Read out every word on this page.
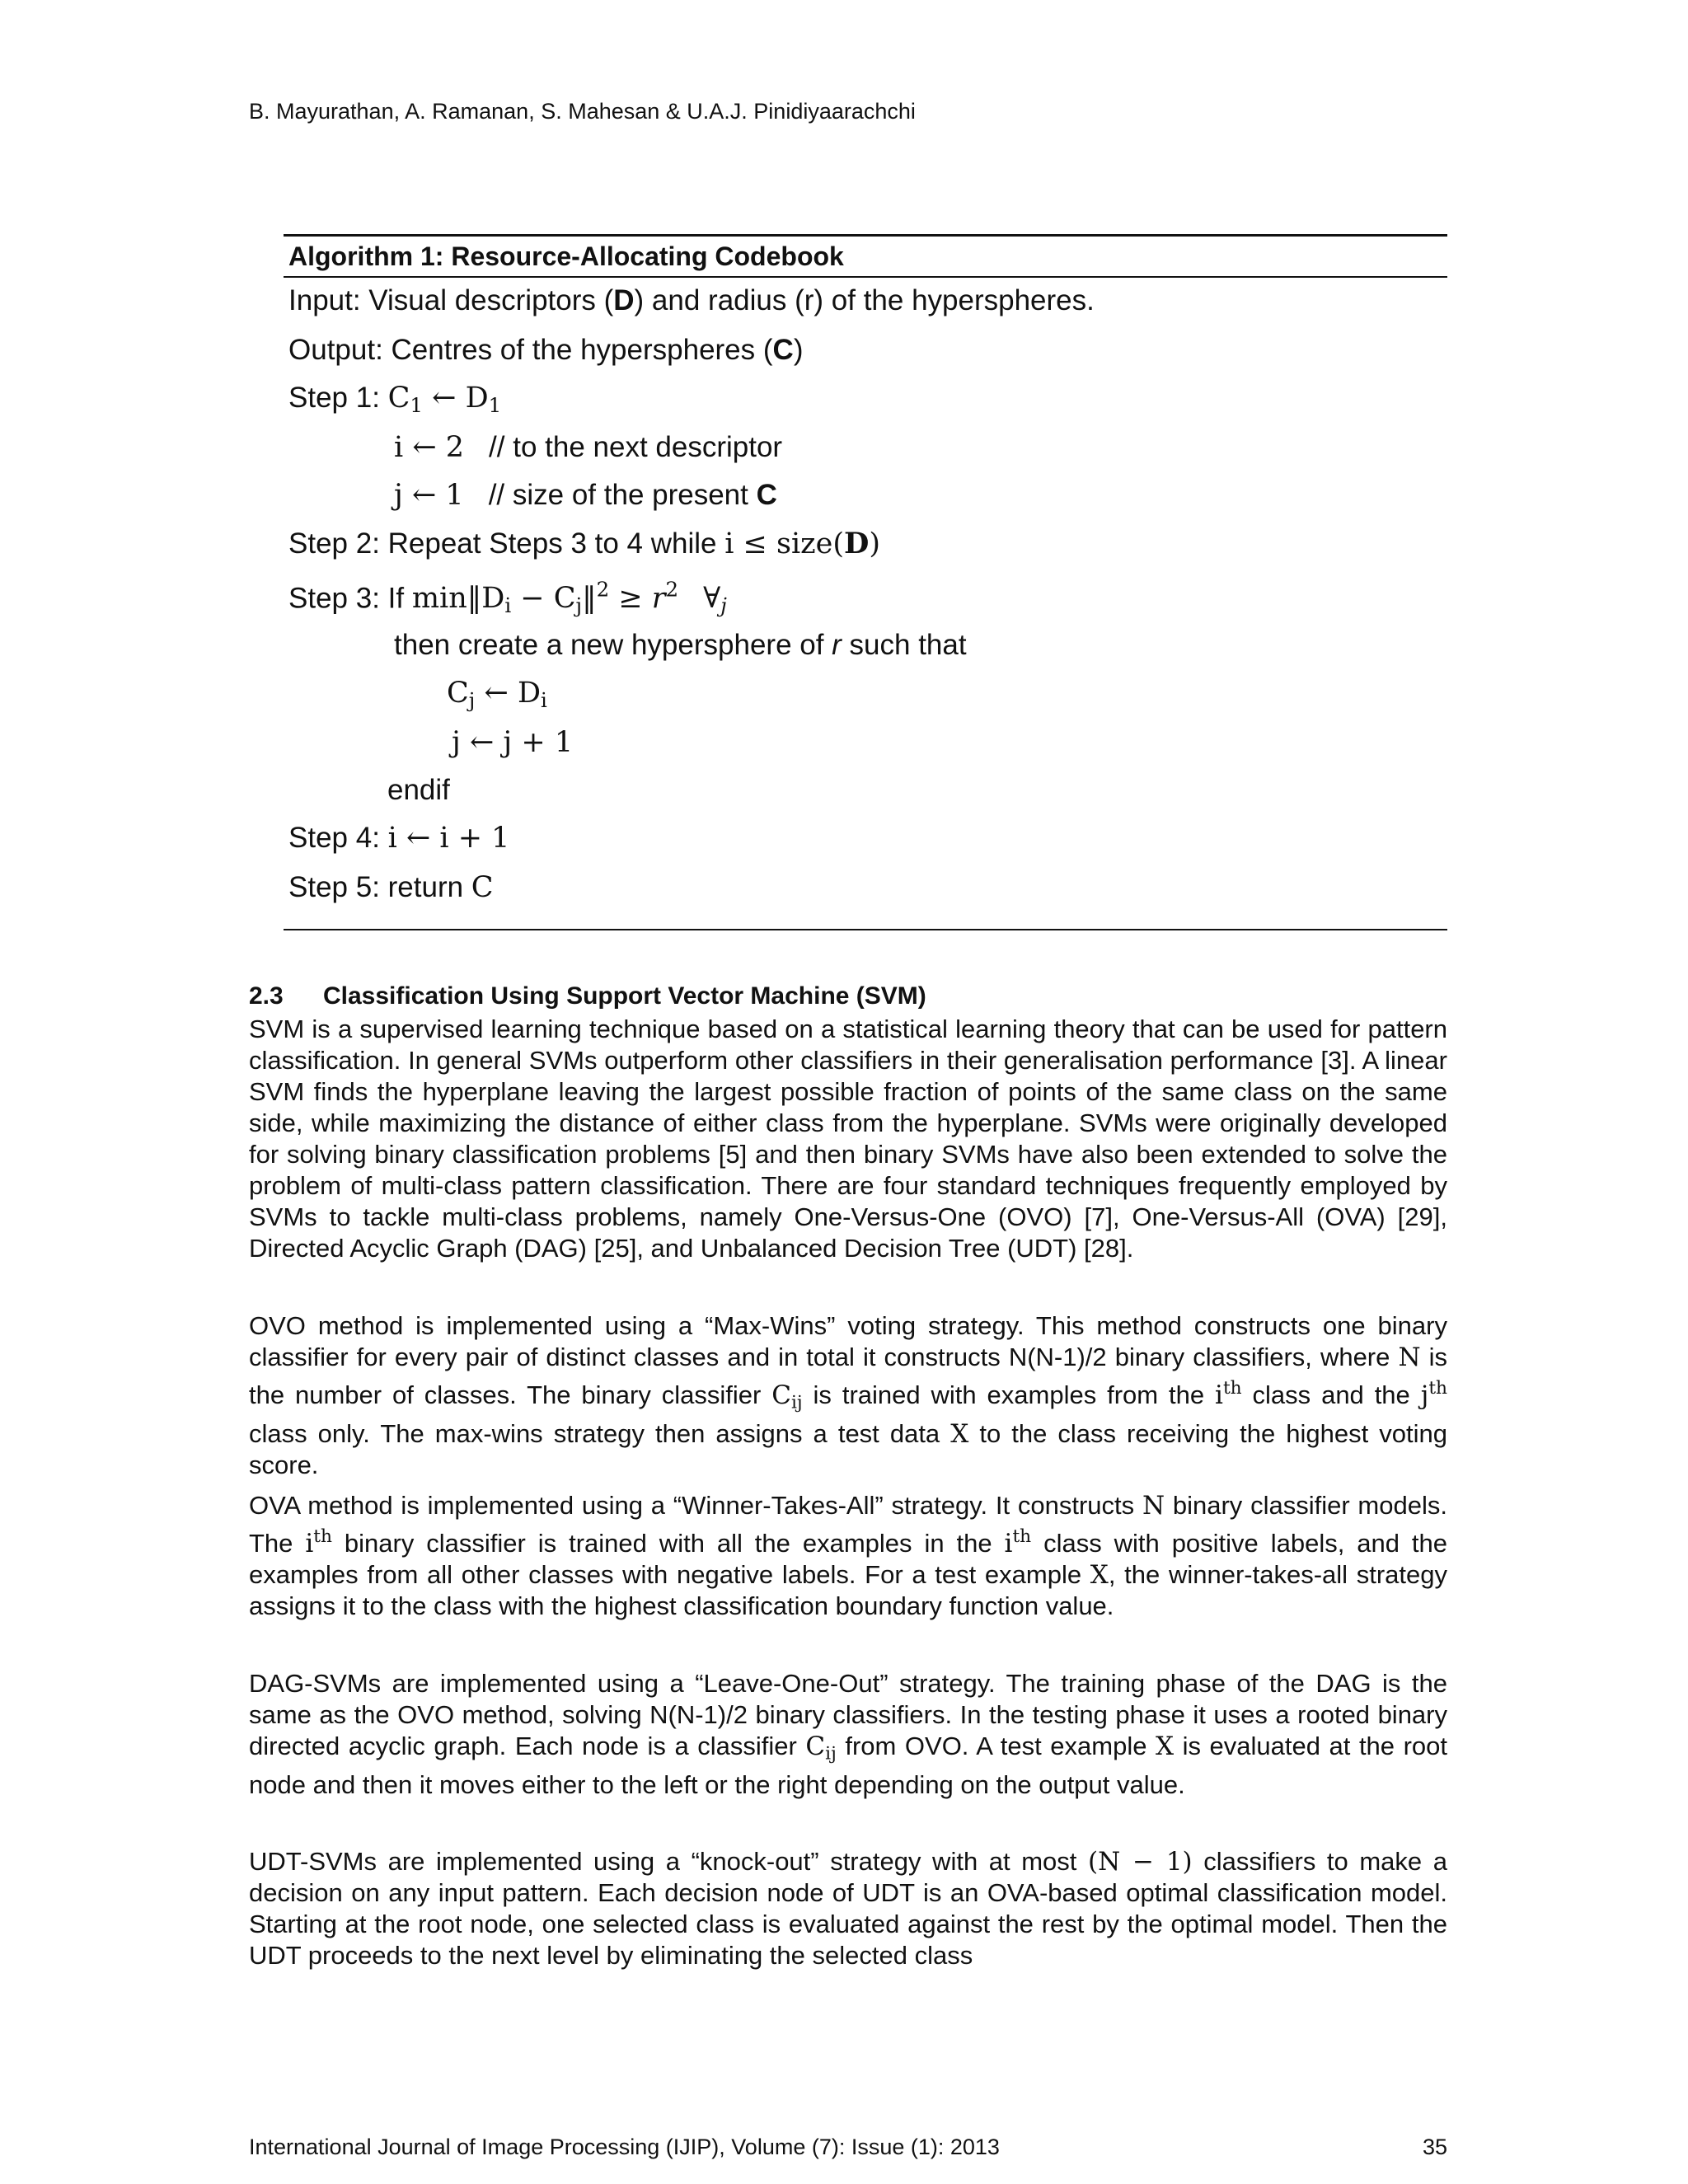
B. Mayurathan, A. Ramanan, S. Mahesan & U.A.J. Pinidiyaarachchi
Algorithm 1: Resource-Allocating Codebook
Input: Visual descriptors (D) and radius (r) of the hyperspheres.
Output: Centres of the hyperspheres (C)
Step 1: $C_1$ ← $D_1$
i ← 2 // to the next descriptor
j ← 1 // size of the present C
Step 2: Repeat Steps 3 to 4 while i ≤ size(D)
Step 3: If $\min‖D_i$ − $C_j‖^2 \ge r^2$ $\forall_j$
then create a new hypersphere of r such that
$C_j$ ← $D_i$
j ← j + 1
endif
Step 4: i ← i + 1
Step 5: return C
2.3 Classification Using Support Vector Machine (SVM)
SVM is a supervised learning technique based on a statistical learning theory that can be used for pattern classification. In general SVMs outperform other classifiers in their generalisation performance [3]. A linear SVM finds the hyperplane leaving the largest possible fraction of points of the same class on the same side, while maximizing the distance of either class from the hyperplane. SVMs were originally developed for solving binary classification problems [5] and then binary SVMs have also been extended to solve the problem of multi-class pattern classification. There are four standard techniques frequently employed by SVMs to tackle multi-class problems, namely One-Versus-One (OVO) [7], One-Versus-All (OVA) [29], Directed Acyclic Graph (DAG) [25], and Unbalanced Decision Tree (UDT) [28].
OVO method is implemented using a “Max-Wins” voting strategy. This method constructs one binary classifier for every pair of distinct classes and in total it constructs N(N-1)/2 binary classifiers, where N is the number of classes. The binary classifier $C_{ij}$ is trained with examples from the $i^{th}$ class and the $j^{th}$ class only. The max-wins strategy then assigns a test data X to the class receiving the highest voting score.
OVA method is implemented using a “Winner-Takes-All” strategy. It constructs N binary classifier models. The $i^{th}$ binary classifier is trained with all the examples in the $i^{th}$ class with positive labels, and the examples from all other classes with negative labels. For a test example X, the winner-takes-all strategy assigns it to the class with the highest classification boundary function value.
DAG-SVMs are implemented using a “Leave-One-Out” strategy. The training phase of the DAG is the same as the OVO method, solving N(N-1)/2 binary classifiers. In the testing phase it uses a rooted binary directed acyclic graph. Each node is a classifier $C_{ij}$ from OVO. A test example X is evaluated at the root node and then it moves either to the left or the right depending on the output value.
UDT-SVMs are implemented using a “knock-out” strategy with at most (N − 1) classifiers to make a decision on any input pattern. Each decision node of UDT is an OVA-based optimal classification model. Starting at the root node, one selected class is evaluated against the rest by the optimal model. Then the UDT proceeds to the next level by eliminating the selected class
International Journal of Image Processing (IJIP), Volume (7): Issue (1): 2013	35
